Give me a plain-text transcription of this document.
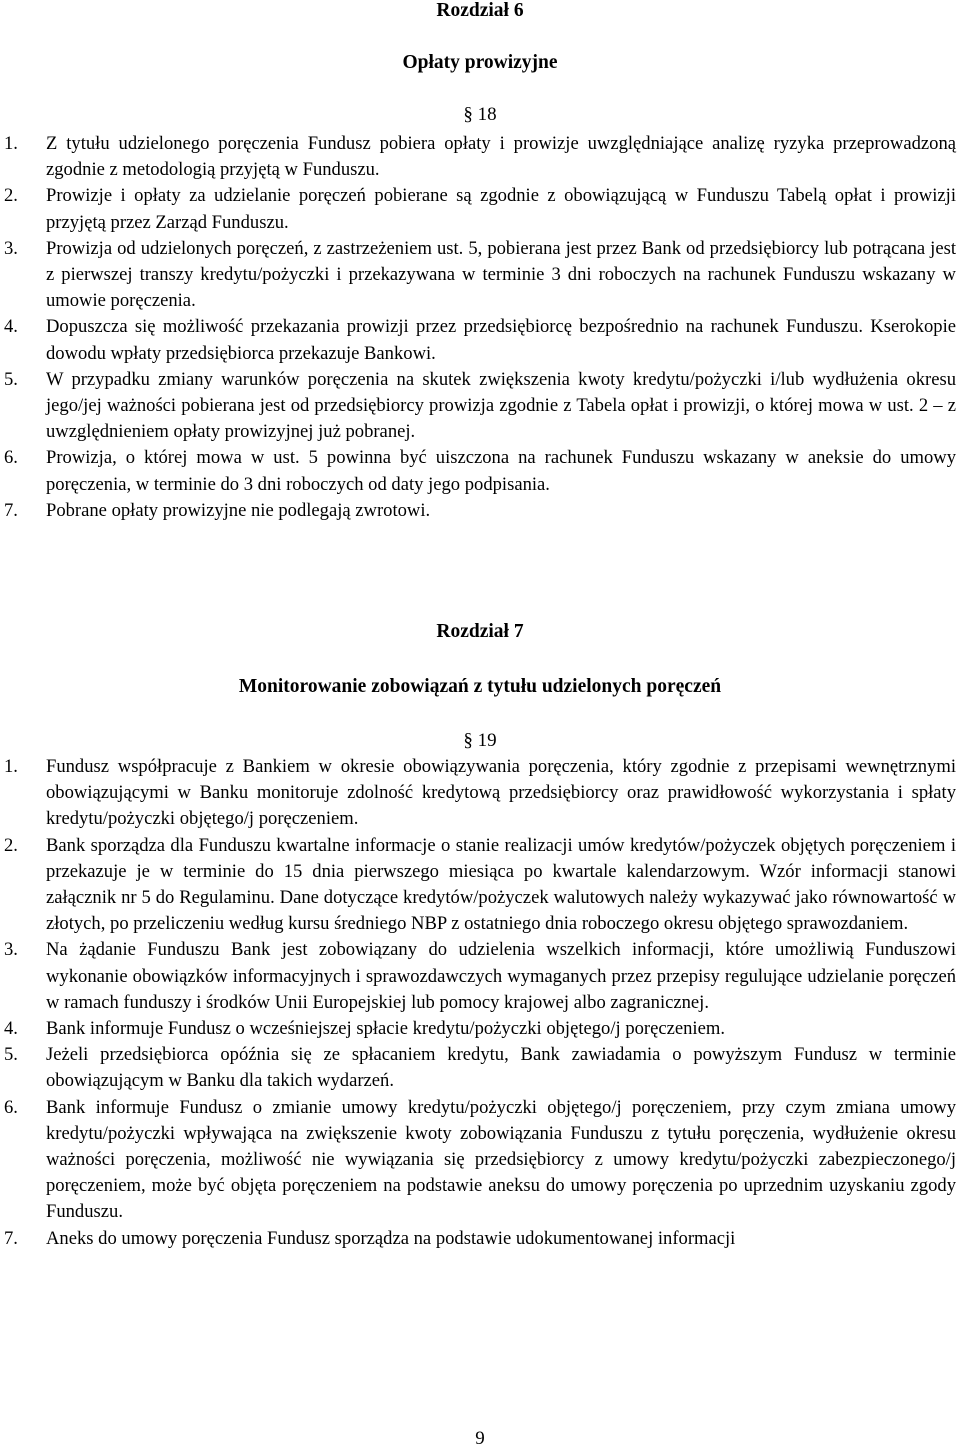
Rozdział 6
Opłaty prowizyjne
§ 18
1. Z tytułu udzielonego poręczenia Fundusz pobiera opłaty i prowizje uwzględniające analizę ryzyka przeprowadzoną zgodnie z metodologią przyjętą w Funduszu.
2. Prowizje i opłaty za udzielanie poręczeń pobierane są zgodnie z obowiązującą w Funduszu Tabelą opłat i prowizji przyjętą przez Zarząd Funduszu.
3. Prowizja od udzielonych poręczeń, z zastrzeżeniem ust. 5, pobierana jest przez Bank od przedsiębiorcy lub potrącana jest z pierwszej transzy kredytu/pożyczki i przekazywana w terminie 3 dni roboczych na rachunek Funduszu wskazany w umowie poręczenia.
4. Dopuszcza się możliwość przekazania prowizji przez przedsiębiorcę bezpośrednio na rachunek Funduszu. Kserokopie dowodu wpłaty przedsiębiorca przekazuje Bankowi.
5. W przypadku zmiany warunków poręczenia na skutek zwiększenia kwoty kredytu/pożyczki i/lub wydłużenia okresu jego/jej ważności pobierana jest od przedsiębiorcy prowizja zgodnie z Tabela opłat i prowizji, o której mowa w ust. 2 – z uwzględnieniem opłaty prowizyjnej już pobranej.
6. Prowizja, o której mowa w ust. 5 powinna być uiszczona na rachunek Funduszu wskazany w aneksie do umowy poręczenia, w terminie do 3 dni roboczych od daty jego podpisania.
7. Pobrane opłaty prowizyjne nie podlegają zwrotowi.
Rozdział 7
Monitorowanie zobowiązań z tytułu udzielonych poręczeń
§ 19
1. Fundusz współpracuje z Bankiem w okresie obowiązywania poręczenia, który zgodnie z przepisami wewnętrznymi obowiązującymi w Banku monitoruje zdolność kredytową przedsiębiorcy oraz prawidłowość wykorzystania i spłaty kredytu/pożyczki objętego/j poręczeniem.
2. Bank sporządza dla Funduszu kwartalne informacje o stanie realizacji umów kredytów/pożyczek objętych poręczeniem i przekazuje je w terminie do 15 dnia pierwszego miesiąca po kwartale kalendarzowym. Wzór informacji stanowi załącznik nr 5 do Regulaminu. Dane dotyczące kredytów/pożyczek walutowych należy wykazywać jako równowartość w złotych, po przeliczeniu według kursu średniego NBP z ostatniego dnia roboczego okresu objętego sprawozdaniem.
3. Na żądanie Funduszu Bank jest zobowiązany do udzielenia wszelkich informacji, które umożliwią Funduszowi wykonanie obowiązków informacyjnych i sprawozdawczych wymaganych przez przepisy regulujące udzielanie poręczeń w ramach funduszy i środków Unii Europejskiej lub pomocy krajowej albo zagranicznej.
4. Bank informuje Fundusz o wcześniejszej spłacie kredytu/pożyczki objętego/j poręczeniem.
5. Jeżeli przedsiębiorca opóźnia się ze spłacaniem kredytu, Bank zawiadamia o powyższym Fundusz w terminie obowiązującym w Banku dla takich wydarzeń.
6. Bank informuje Fundusz o zmianie umowy kredytu/pożyczki objętego/j poręczeniem, przy czym zmiana umowy kredytu/pożyczki wpływająca na zwiększenie kwoty zobowiązania Funduszu z tytułu poręczenia, wydłużenie okresu ważności poręczenia, możliwość nie wywiązania się przedsiębiorcy z umowy kredytu/pożyczki zabezpieczonego/j poręczeniem, może być objęta poręczeniem na podstawie aneksu do umowy poręczenia po uprzednim uzyskaniu zgody Funduszu.
7. Aneks do umowy poręczenia Fundusz sporządza na podstawie udokumentowanej informacji
9
